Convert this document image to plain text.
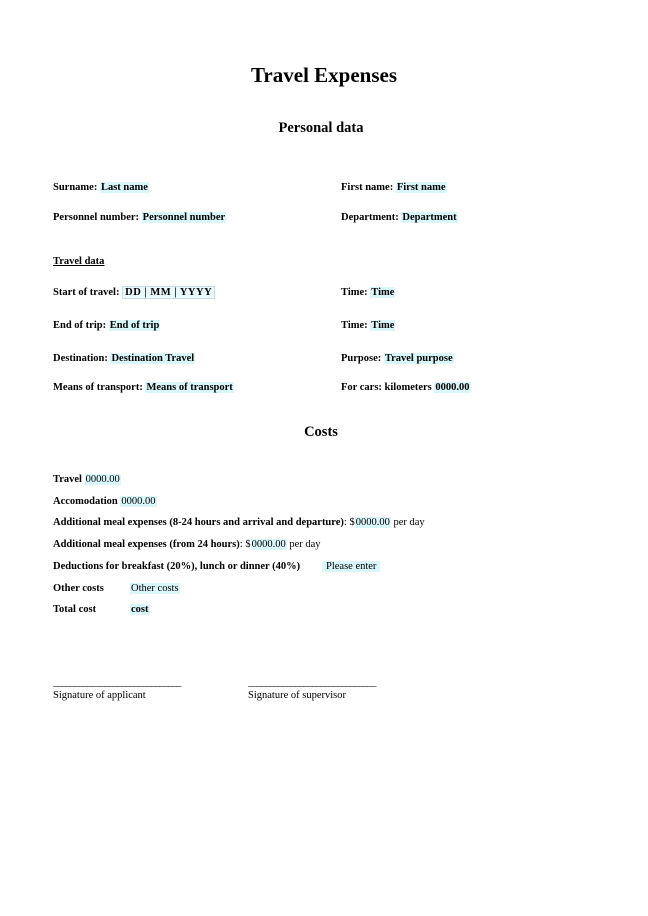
Travel Expenses
Personal data
Surname: Last name	First name: First name
Personnel number: Personnel number	Department: Department
Travel data
Start of travel: DD | MM | YYYY	Time: Time
End of trip: End of trip	Time: Time
Destination: Destination Travel	Purpose: Travel purpose
Means of transport: Means of transport	For cars: kilometers 0000.00
Costs
Travel 0000.00
Accomodation 0000.00
Additional meal expenses (8-24 hours and arrival and departure): $0000.00 per day
Additional meal expenses (from 24 hours): $0000.00 per day
Deductions for breakfast (20%), lunch or dinner (40%)	Please enter
Other costs	Other costs
Total cost	cost
______________________________	______________________________
Signature of applicant	Signature of supervisor
